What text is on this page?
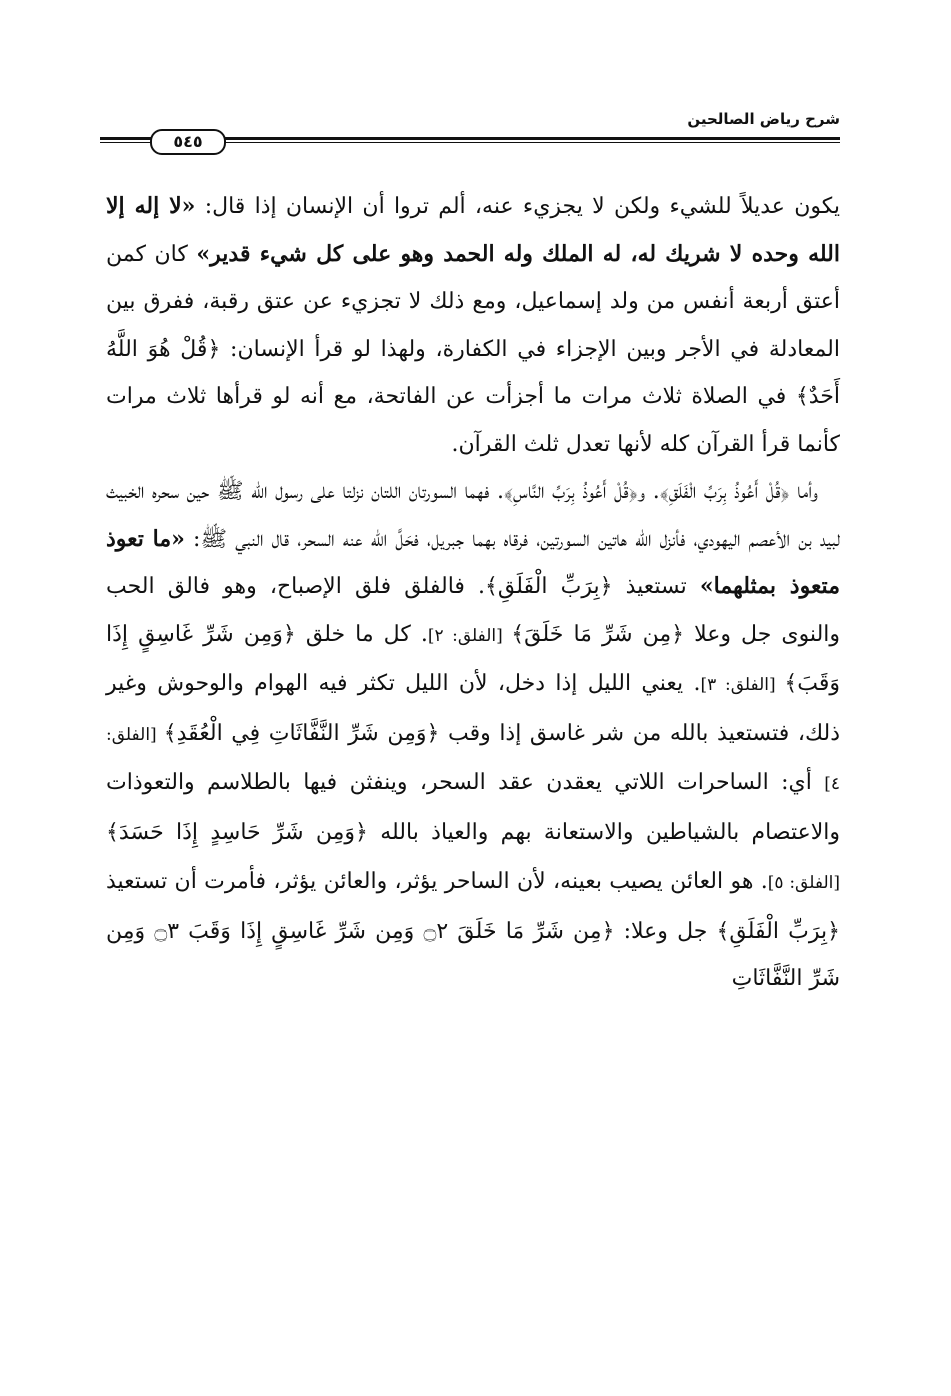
شرح رياض الصالحين
٥٤٥

يكون عديلاً للشيء ولكن لا يجزيء عنه، ألم تروا أن الإنسان إذا قال: «لا إله إلا الله وحده لا شريك له، له الملك وله الحمد وهو على كل شيء قدير» كان كمن أعتق أربعة أنفس من ولد إسماعيل، ومع ذلك لا تجزيء عن عتق رقبة، ففرق بين المعادلة في الأجر وبين الإجزاء في الكفارة، ولهذا لو قرأ الإنسان: ﴿قُلْ هُوَ اللَّهُ أَحَدٌ﴾ في الصلاة ثلاث مرات ما أجزأت عن الفاتحة، مع أنه لو قرأها ثلاث مرات كأنما قرأ القرآن كله لأنها تعدل ثلث القرآن.

وأما ﴿قُلْ أَعُوذُ بِرَبِّ الْفَلَقِ﴾. و﴿قُلْ أَعُوذُ بِرَبِّ النَّاسِ﴾. فهما السورتان اللتان نزلتا على رسول الله ﷺ حين سحره الخبيث لبيد بن الأعصم اليهودي، فأنزل الله هاتين السورتين، فرقاه بهما جبريل، فحَلَّ الله عنه السحر، قال النبي ﷺ: «ما تعوذ متعوذ بمثلهما» تستعيذ ﴿بِرَبِّ الْفَلَقِ﴾. فالفلق فلق الإصباح، وهو فالق الحب والنوى جل وعلا ﴿مِن شَرِّ مَا خَلَقَ﴾ [الفلق: ٢]. كل ما خلق ﴿وَمِن شَرِّ غَاسِقٍ إِذَا وَقَبَ﴾ [الفلق: ٣]. يعني الليل إذا دخل، لأن الليل تكثر فيه الهوام والوحوش وغير ذلك، فتستعيذ بالله من شر غاسق إذا وقب ﴿وَمِن شَرِّ النَّفَّاثَاتِ فِي الْعُقَدِ﴾ [الفلق: ٤] أي: الساحرات اللاتي يعقدن عقد السحر، وينفثن فيها بالطلاسم والتعوذات والاعتصام بالشياطين والاستعانة بهم والعياذ بالله ﴿وَمِن شَرِّ حَاسِدٍ إِذَا حَسَدَ﴾ [الفلق: ٥]. هو العائن يصيب بعينه، لأن الساحر يؤثر، والعائن يؤثر، فأمرت أن تستعيذ ﴿بِرَبِّ الْفَلَقِ﴾ جل وعلا: ﴿مِن شَرِّ مَا خَلَقَ ۝٢ وَمِن شَرِّ غَاسِقٍ إِذَا وَقَبَ ۝٣ وَمِن شَرِّ النَّفَّاثَاتِ
